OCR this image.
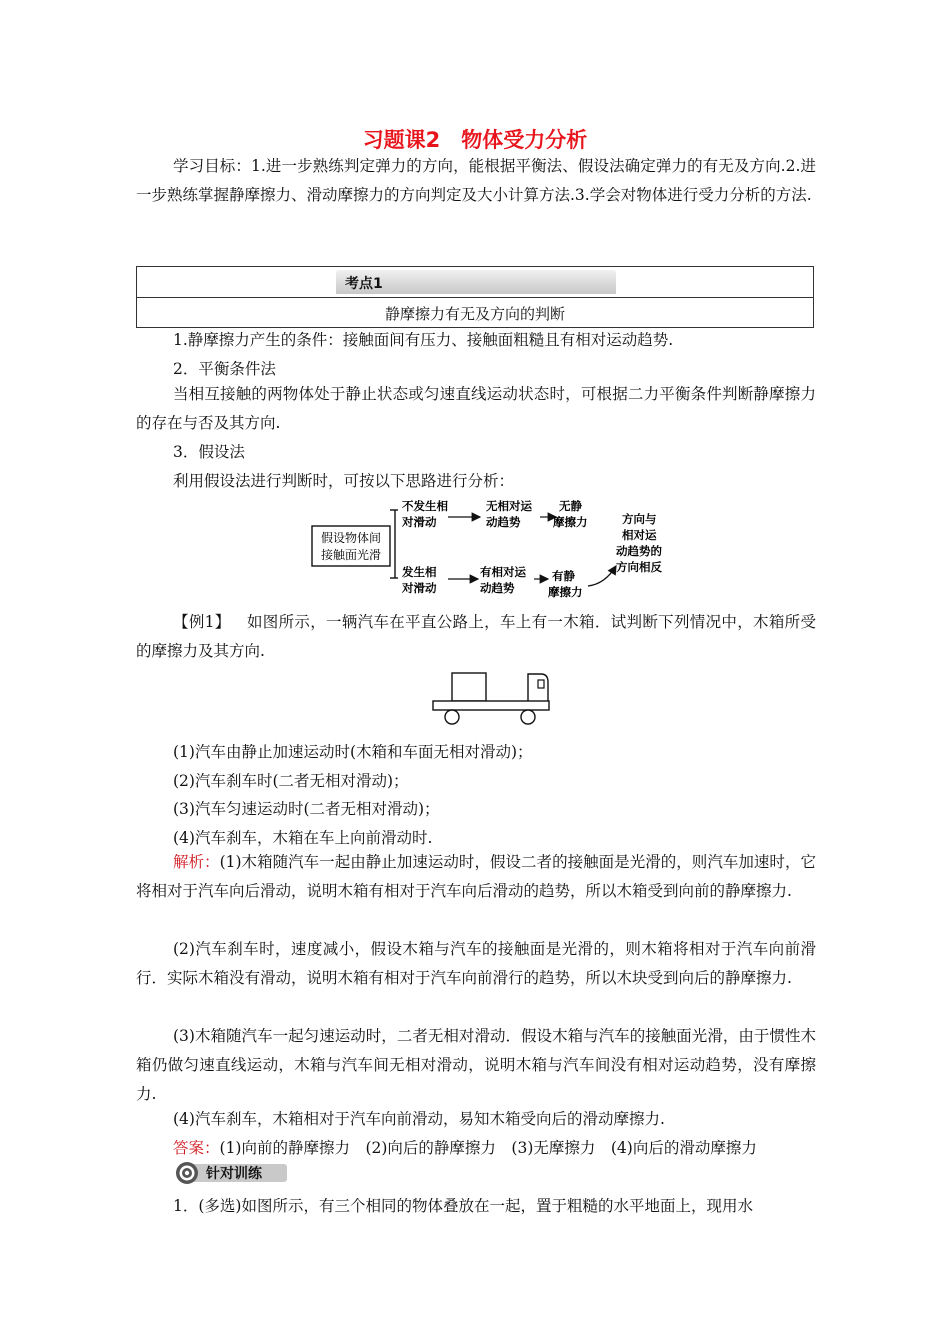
习题课2　物体受力分析
学习目标：1.进一步熟练判定弹力的方向，能根据平衡法、假设法确定弹力的有无及方向.2.进一步熟练掌握静摩擦力、滑动摩擦力的方向判定及大小计算方法.3.学会对物体进行受力分析的方法.
考点1
静摩擦力有无及方向的判断
1.静摩擦力产生的条件：接触面间有压力、接触面粗糙且有相对运动趋势.
2．平衡条件法
当相互接触的两物体处于静止状态或匀速直线运动状态时，可根据二力平衡条件判断静摩擦力的存在与否及其方向.
3．假设法
利用假设法进行判断时，可按以下思路进行分析：
假设物体间
接触面光滑
不发生相
对滑动
无相对运
动趋势
无静
摩擦力
发生相
对滑动
有相对运
动趋势
有静
摩擦力
方向与
相对运
动趋势的
方向相反
【例1】 如图所示，一辆汽车在平直公路上，车上有一木箱．试判断下列情况中，木箱所受的摩擦力及其方向.
(1)汽车由静止加速运动时(木箱和车面无相对滑动)；
(2)汽车刹车时(二者无相对滑动)；
(3)汽车匀速运动时(二者无相对滑动)；
(4)汽车刹车，木箱在车上向前滑动时.
解析：(1)木箱随汽车一起由静止加速运动时，假设二者的接触面是光滑的，则汽车加速时，它将相对于汽车向后滑动，说明木箱有相对于汽车向后滑动的趋势，所以木箱受到向前的静摩擦力.
(2)汽车刹车时，速度减小，假设木箱与汽车的接触面是光滑的，则木箱将相对于汽车向前滑行．实际木箱没有滑动，说明木箱有相对于汽车向前滑行的趋势，所以木块受到向后的静摩擦力.
(3)木箱随汽车一起匀速运动时，二者无相对滑动．假设木箱与汽车的接触面光滑，由于惯性木箱仍做匀速直线运动，木箱与汽车间无相对滑动，说明木箱与汽车间没有相对运动趋势，没有摩擦力.
(4)汽车刹车，木箱相对于汽车向前滑动，易知木箱受向后的滑动摩擦力.
答案：(1)向前的静摩擦力　(2)向后的静摩擦力　(3)无摩擦力　(4)向后的滑动摩擦力
针对训练
1．(多选)如图所示，有三个相同的物体叠放在一起，置于粗糙的水平地面上，现用水
